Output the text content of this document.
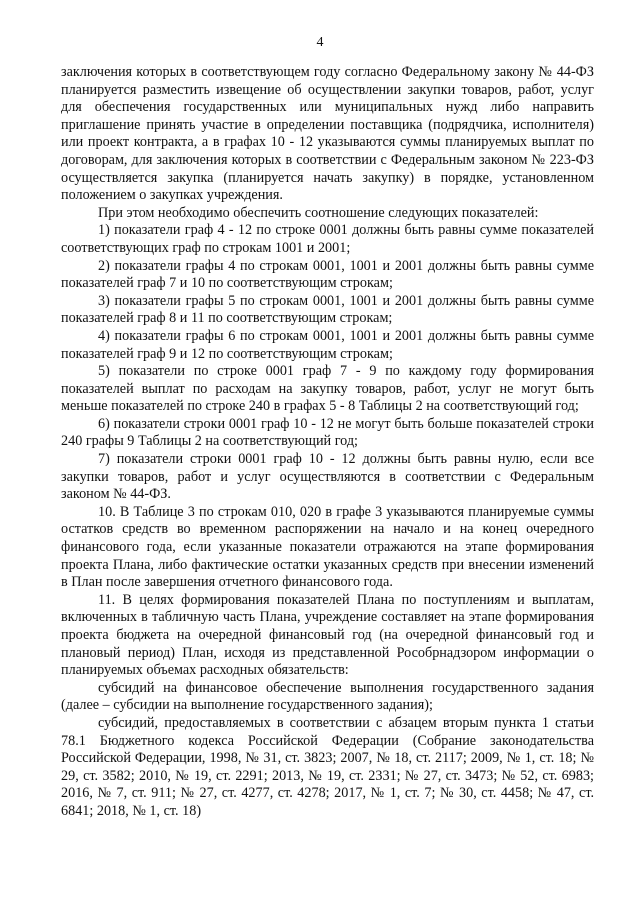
4

заключения которых в соответствующем году согласно Федеральному закону № 44-ФЗ планируется разместить извещение об осуществлении закупки товаров, работ, услуг для обеспечения государственных или муниципальных нужд либо направить приглашение принять участие в определении поставщика (подрядчика, исполнителя) или проект контракта, а в графах 10 - 12 указываются суммы планируемых выплат по договорам, для заключения которых в соответствии с Федеральным законом № 223-ФЗ осуществляется закупка (планируется начать закупку) в порядке, установленном положением о закупках учреждения.

При этом необходимо обеспечить соотношение следующих показателей:

1) показатели граф 4 - 12 по строке 0001 должны быть равны сумме показателей соответствующих граф по строкам 1001 и 2001;

2) показатели графы 4 по строкам 0001, 1001 и 2001 должны быть равны сумме показателей граф 7 и 10 по соответствующим строкам;

3) показатели графы 5 по строкам 0001, 1001 и 2001 должны быть равны сумме показателей граф 8 и 11 по соответствующим строкам;

4) показатели графы 6 по строкам 0001, 1001 и 2001 должны быть равны сумме показателей граф 9 и 12 по соответствующим строкам;

5) показатели по строке 0001 граф 7 - 9 по каждому году формирования показателей выплат по расходам на закупку товаров, работ, услуг не могут быть меньше показателей по строке 240 в графах 5 - 8 Таблицы 2 на соответствующий год;

6) показатели строки 0001 граф 10 - 12 не могут быть больше показателей строки 240 графы 9 Таблицы 2 на соответствующий год;

7) показатели строки 0001 граф 10 - 12 должны быть равны нулю, если все закупки товаров, работ и услуг осуществляются в соответствии с Федеральным законом № 44-ФЗ.

10. В Таблице 3 по строкам 010, 020 в графе 3 указываются планируемые суммы остатков средств во временном распоряжении на начало и на конец очередного финансового года, если указанные показатели отражаются на этапе формирования проекта Плана, либо фактические остатки указанных средств при внесении изменений в План после завершения отчетного финансового года.

11. В целях формирования показателей Плана по поступлениям и выплатам, включенных в табличную часть Плана, учреждение составляет на этапе формирования проекта бюджета на очередной финансовый год (на очередной финансовый год и плановый период) План, исходя из представленной Рособрнадзором информации о планируемых объемах расходных обязательств:

субсидий на финансовое обеспечение выполнения государственного задания (далее – субсидии на выполнение государственного задания);

субсидий, предоставляемых в соответствии с абзацем вторым пункта 1 статьи 78.1 Бюджетного кодекса Российской Федерации (Собрание законодательства Российской Федерации, 1998, № 31, ст. 3823; 2007, № 18, ст. 2117; 2009, № 1, ст. 18; № 29, ст. 3582; 2010, № 19, ст. 2291; 2013, № 19, ст. 2331; № 27, ст. 3473; № 52, ст. 6983; 2016, № 7, ст. 911; № 27, ст. 4277, ст. 4278; 2017, № 1, ст. 7; № 30, ст. 4458; № 47, ст. 6841; 2018, № 1, ст. 18)
